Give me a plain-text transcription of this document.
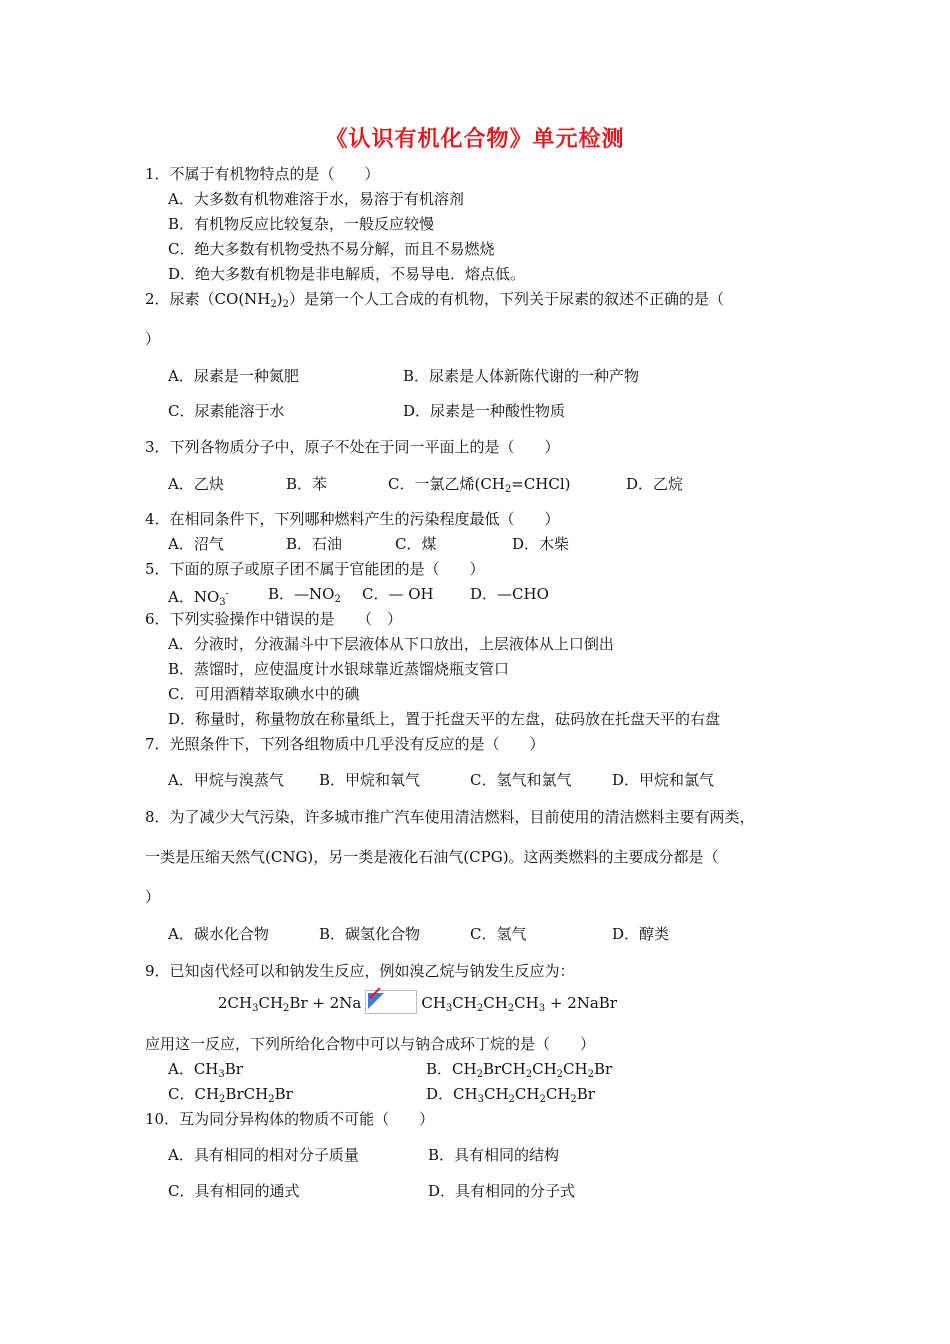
《认识有机化合物》单元检测
1．不属于有机物特点的是（　　）
A．大多数有机物难溶于水，易溶于有机溶剂
B．有机物反应比较复杂，一般反应较慢
C．绝大多数有机物受热不易分解，而且不易燃烧
D．绝大多数有机物是非电解质，不易导电．熔点低。
2．尿素$(CO(NH_2)_2)$是第一个人工合成的有机物，下列关于尿素的叙述不正确的是（
）
A．尿素是一种氮肥	B．尿素是人体新陈代谢的一种产物
C．尿素能溶于水	D．尿素是一种酸性物质
3．下列各物质分子中，原子不处在于同一平面上的是（　　）
A．乙炔	B．苯	C．一氯乙烯$(CH_2=CHCl)$	D．乙烷
4．在相同条件下，下列哪种燃料产生的污染程度最低（　　）
A．沼气	B．石油	C．煤	D．木柴
5．下面的原子或原子团不属于官能团的是（　　）
A．$NO_3^-$	B．$—NO_2$ C．— OH D．—CHO
6．下列实验操作中错误的是　　（　）
A．分液时，分液漏斗中下层液体从下口放出，上层液体从上口倒出
B．蒸馏时，应使温度计水银球靠近蒸馏烧瓶支管口
C．可用酒精萃取碘水中的碘
D．称量时，称量物放在称量纸上，置于托盘天平的左盘，砝码放在托盘天平的右盘
7．光照条件下，下列各组物质中几乎没有反应的是（　　）
A．甲烷与溴蒸气 B．甲烷和氧气	C．氢气和氯气	D．甲烷和氯气
8．为了减少大气污染，许多城市推广汽车使用清洁燃料，目前使用的清洁燃料主要有两类，
一类是压缩天然气(CNG)，另一类是液化石油气(CPG)。这两类燃料的主要成分都是（
）
A．碳水化合物	B．碳氢化合物	C．氢气	D．醇类
9．已知卤代烃可以和钠发生反应，例如溴乙烷与钠发生反应为：
$2CH_3CH_2Br + 2Na$	$CH_3CH_2CH_2CH_3$ + 2NaBr
应用这一反应，下列所给化合物中可以与钠合成环丁烷的是（　　）
A．$CH_3Br$	B．$CH_2BrCH_2CH_2CH_2Br$
C．$CH_2BrCH_2Br$	D．$CH_3CH_2CH_2CH_2Br$
10．互为同分异构体的物质不可能（　　）
A．具有相同的相对分子质量	B．具有相同的结构
C．具有相同的通式	D．具有相同的分子式
